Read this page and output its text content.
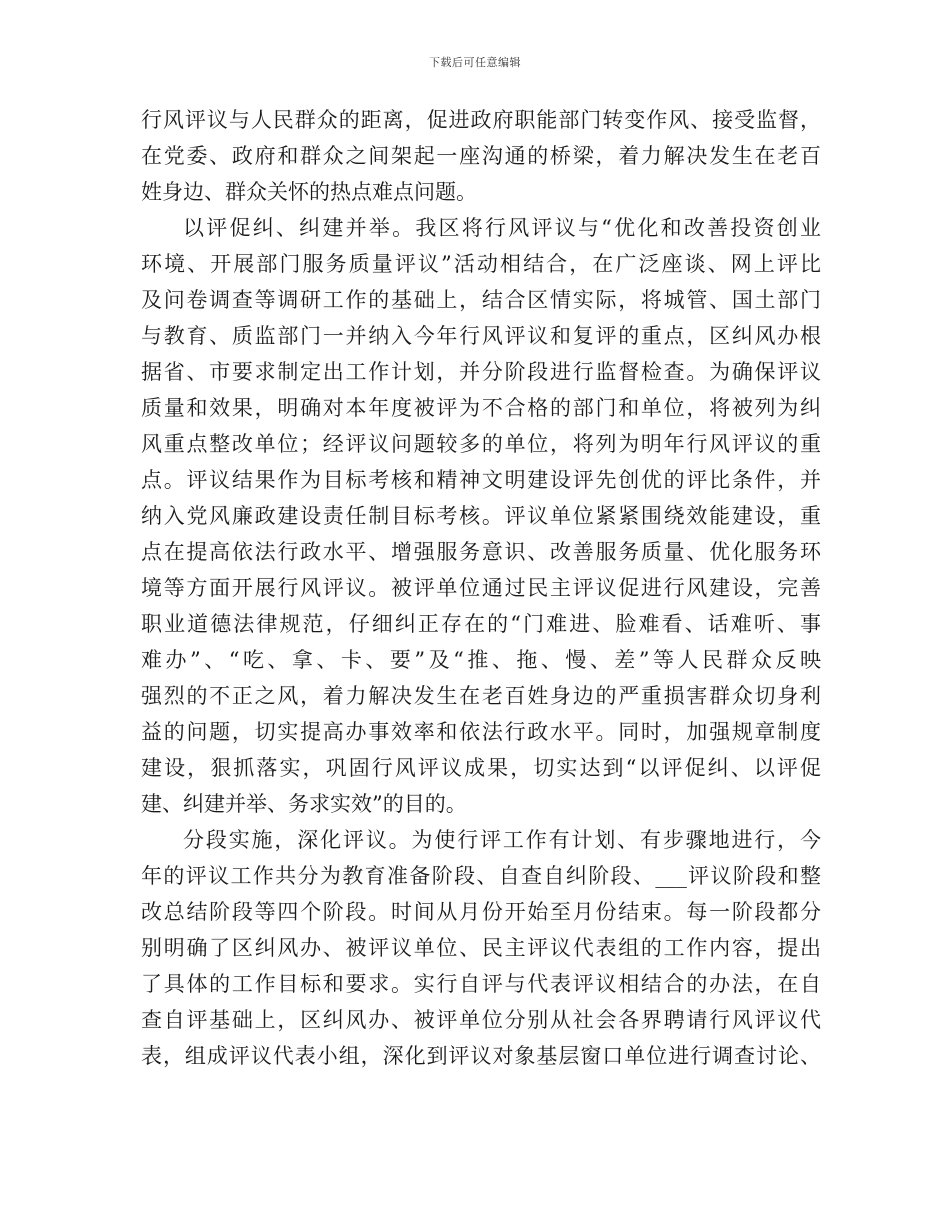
下载后可任意编辑
行风评议与人民群众的距离，促进政府职能部门转变作风、接受监督，
在党委、政府和群众之间架起一座沟通的桥梁，着力解决发生在老百
姓身边、群众关怀的热点难点问题。
以评促纠、纠建并举。我区将行风评议与“优化和改善投资创业
环境、开展部门服务质量评议”活动相结合，在广泛座谈、网上评比
及问卷调查等调研工作的基础上，结合区情实际，将城管、国土部门
与教育、质监部门一并纳入今年行风评议和复评的重点，区纠风办根
据省、市要求制定出工作计划，并分阶段进行监督检查。为确保评议
质量和效果，明确对本年度被评为不合格的部门和单位，将被列为纠
风重点整改单位；经评议问题较多的单位，将列为明年行风评议的重
点。评议结果作为目标考核和精神文明建设评先创优的评比条件，并
纳入党风廉政建设责任制目标考核。评议单位紧紧围绕效能建设，重
点在提高依法行政水平、增强服务意识、改善服务质量、优化服务环
境等方面开展行风评议。被评单位通过民主评议促进行风建设，完善
职业道德法律规范，仔细纠正存在的“门难进、脸难看、话难听、事
难办”、“吃、拿、卡、要”及“推、拖、慢、差”等人民群众反映
强烈的不正之风，着力解决发生在老百姓身边的严重损害群众切身利
益的问题，切实提高办事效率和依法行政水平。同时，加强规章制度
建设，狠抓落实，巩固行风评议成果，切实达到“以评促纠、以评促
建、纠建并举、务求实效”的目的。
分段实施，深化评议。为使行评工作有计划、有步骤地进行，今
年的评议工作共分为教育准备阶段、自查自纠阶段、___评议阶段和整
改总结阶段等四个阶段。时间从月份开始至月份结束。每一阶段都分
别明确了区纠风办、被评议单位、民主评议代表组的工作内容，提出
了具体的工作目标和要求。实行自评与代表评议相结合的办法，在自
查自评基础上，区纠风办、被评单位分别从社会各界聘请行风评议代
表，组成评议代表小组，深化到评议对象基层窗口单位进行调查讨论、
